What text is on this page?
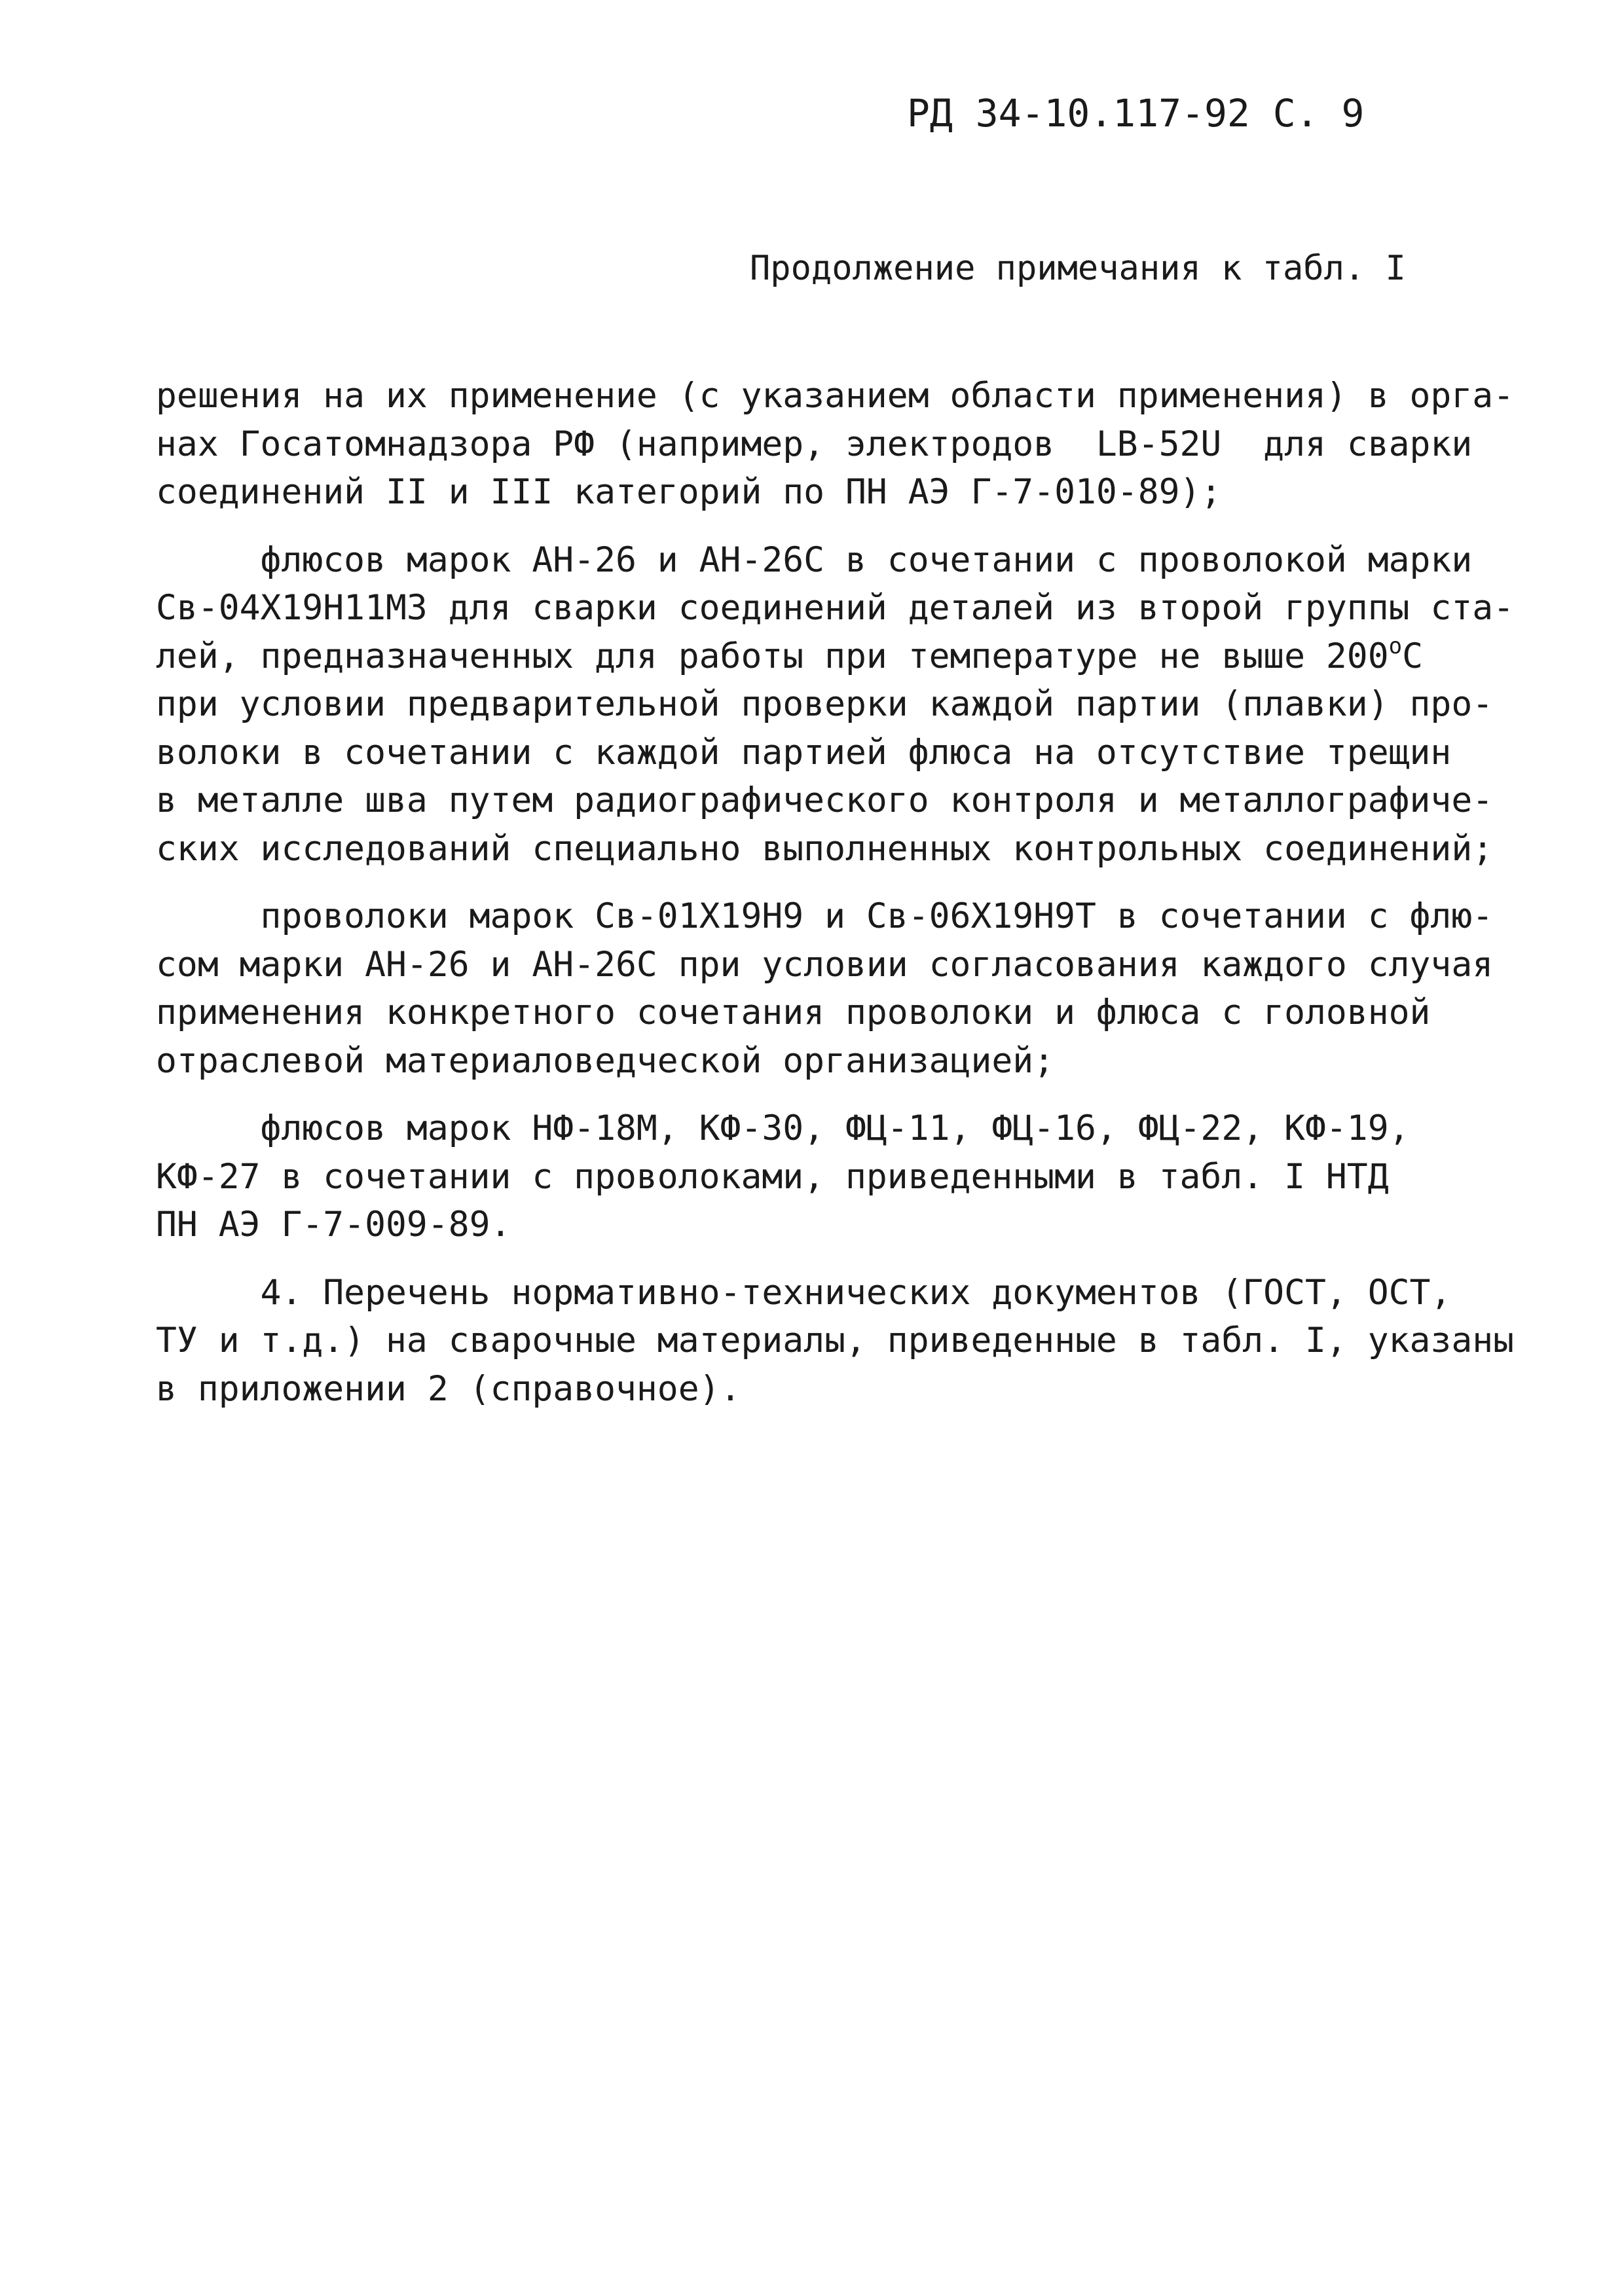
РД 34-10.117-92 С. 9
Продолжение примечания к табл. I
решения на их применение (с указанием области применения) в орга-
нах Госатомнадзора РФ (например, электродов  LB-52U  для сварки
соединений II и III категорий по ПН АЭ Г-7-010-89);
флюсов марок АН-26 и АН-26С в сочетании с проволокой марки
Св-04Х19Н11М3 для сварки соединений деталей из второй группы ста-
лей, предназначенных для работы при температуре не выше 200$^o$C
при условии предварительной проверки каждой партии (плавки) про-
волоки в сочетании с каждой партией флюса на отсутствие трещин
в металле шва путем радиографического контроля и металлографиче-
ских исследований специально выполненных контрольных соединений;
проволоки марок Св-01Х19Н9 и Св-06Х19Н9Т в сочетании с флю-
сом марки АН-26 и АН-26С при условии согласования каждого случая
применения конкретного сочетания проволоки и флюса с головной
отраслевой материаловедческой организацией;
флюсов марок НФ-18М, КФ-30, ФЦ-11, ФЦ-16, ФЦ-22, КФ-19,
КФ-27 в сочетании с проволоками, приведенными в табл. I НТД
ПН АЭ Г-7-009-89.
4. Перечень нормативно-технических документов (ГОСТ, ОСТ,
ТУ и т.д.) на сварочные материалы, приведенные в табл. I, указаны
в приложении 2 (справочное).
